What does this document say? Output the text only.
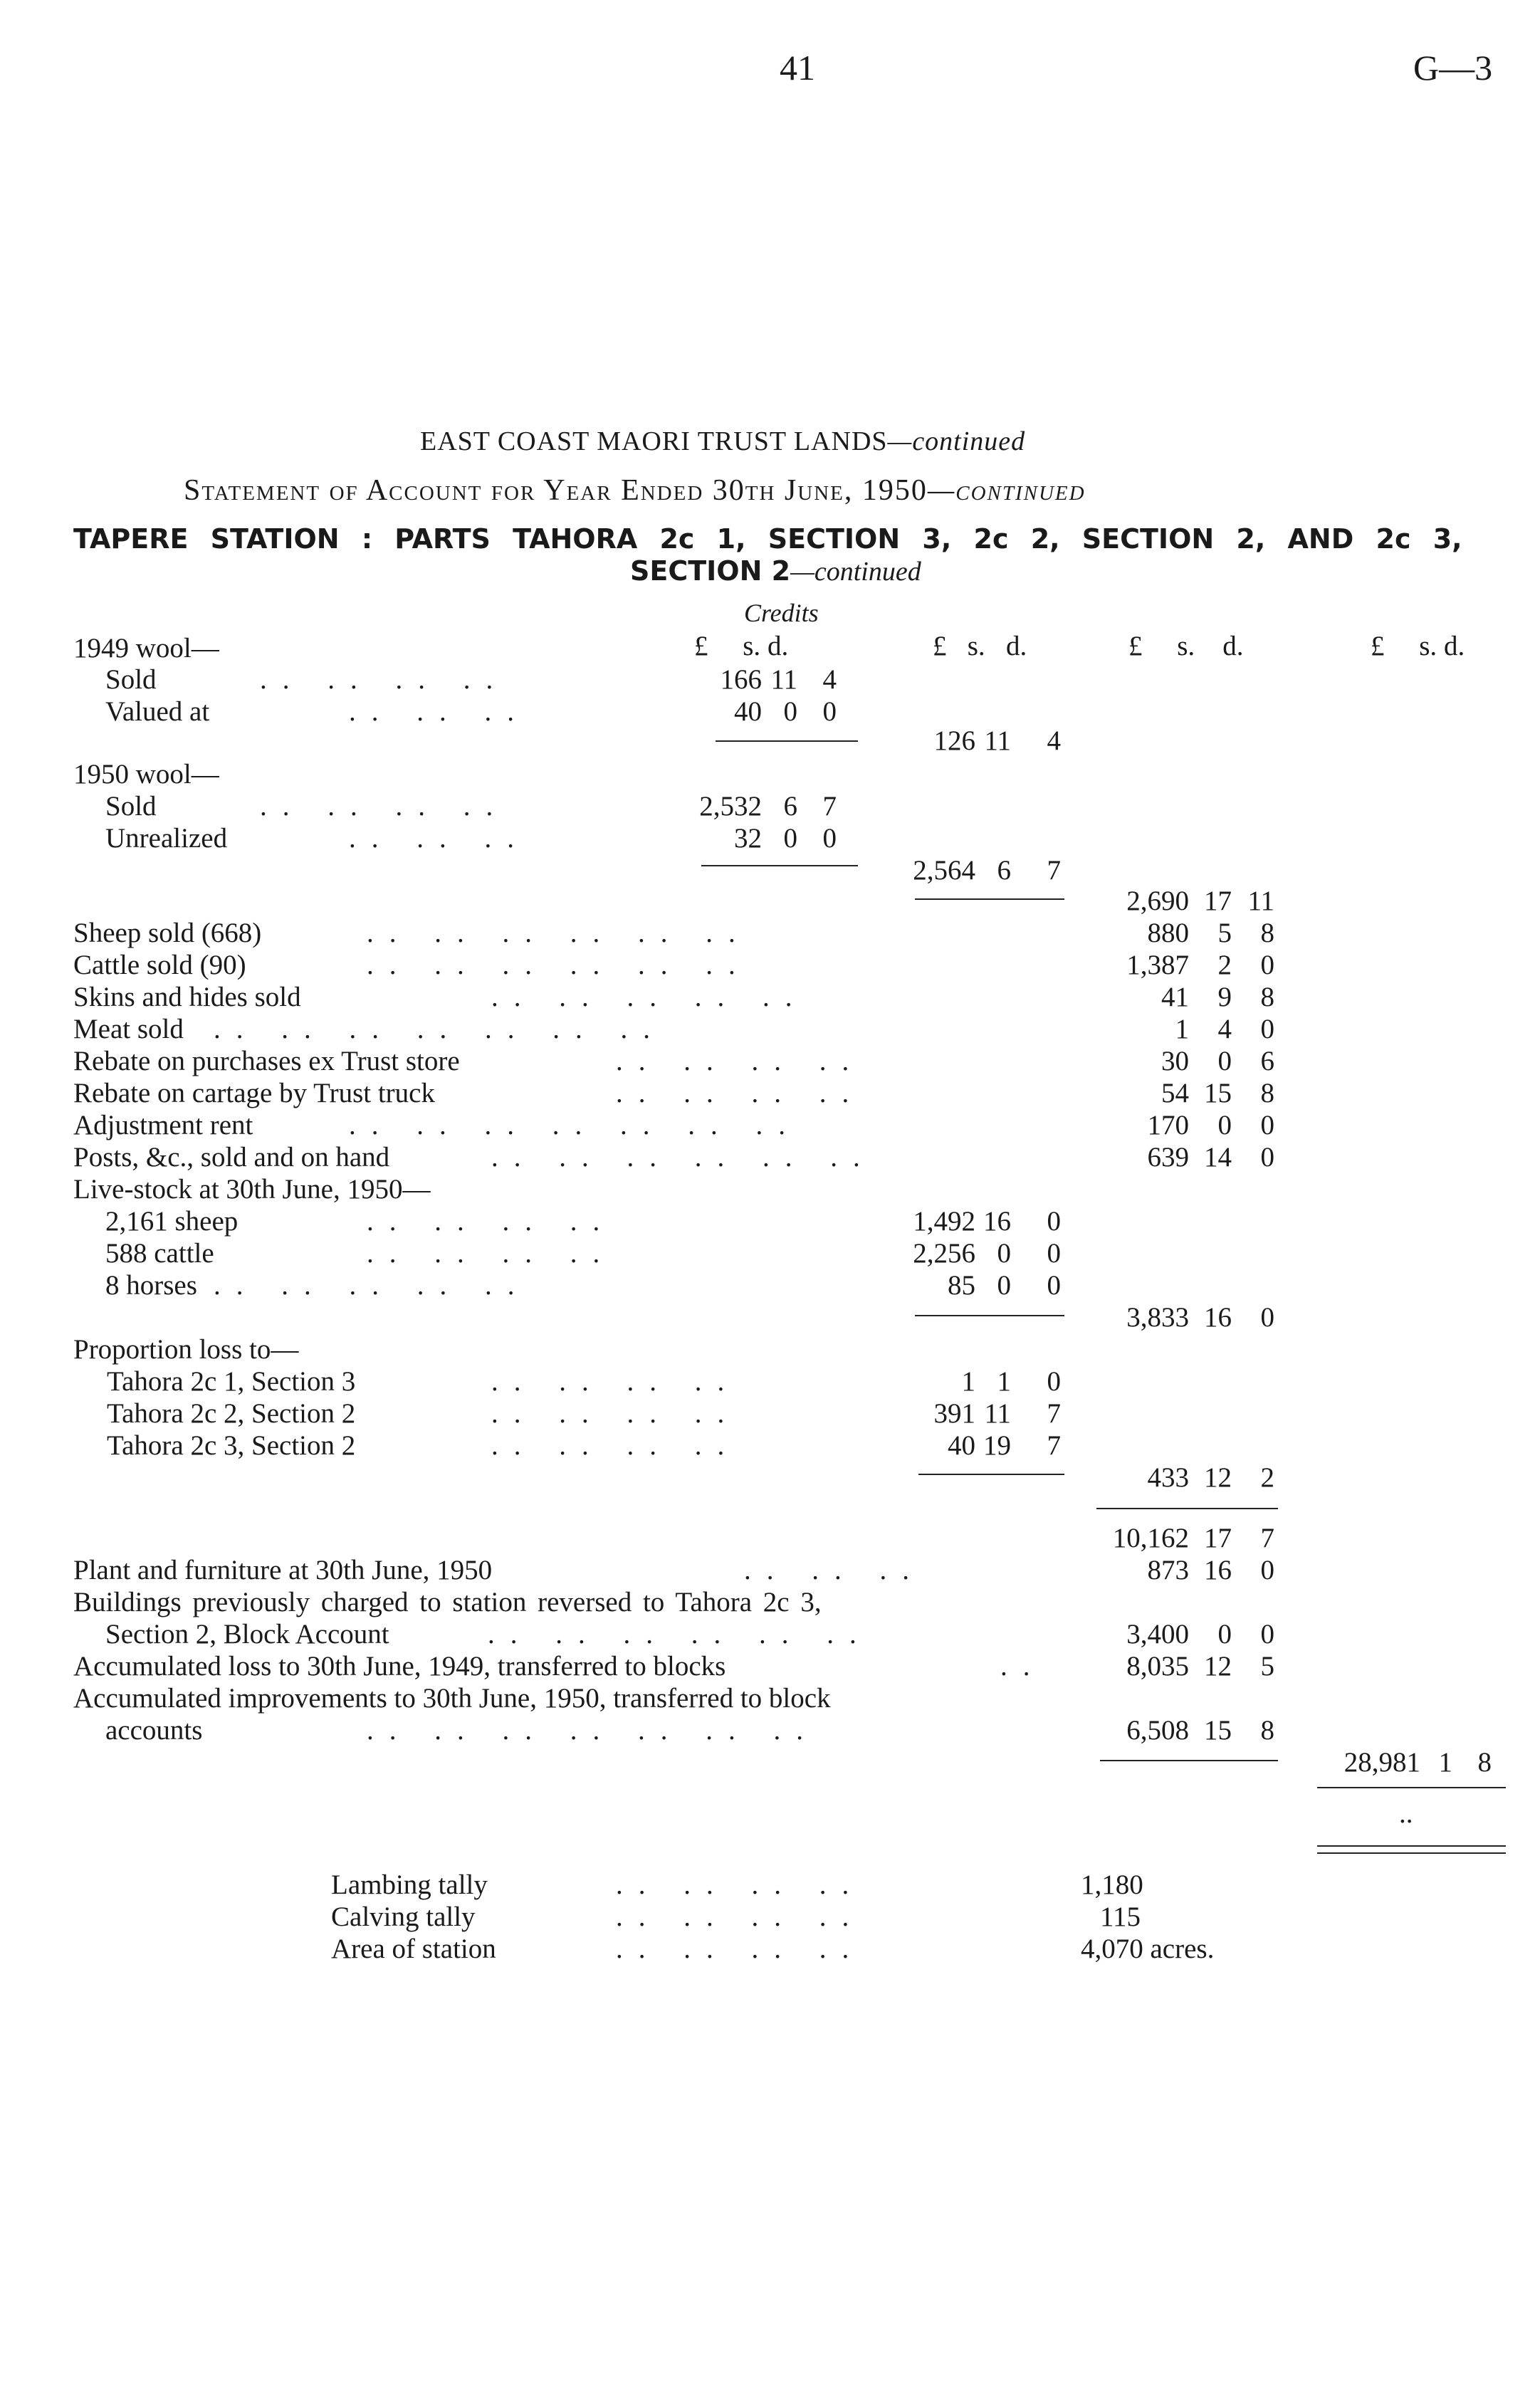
41	G—3
EAST COAST MAORI TRUST LANDS—continued
Statement of Account for Year Ended 30th June, 1950—continued
TAPERE STATION : PARTS TAHORA 2c 1, SECTION 3, 2c 2, SECTION 2, AND 2c 3,
SECTION 2—continued
Credits
£ s. d.	£ s. d.	£ s. d.	£ s. d.
1949 wool—
Sold	.. .. .. ..	166 11 4
Valued at	.. .. ..	40 0 0
126 11	4
1950 wool—
Sold	.. .. .. ..	2,532 6 7
Unrealized	.. .. ..	32 0 0
2,564 6	7
2,690 17 11
Sheep sold (668)	.. .. .. .. .. ..	880	5	8
Cattle sold (90)	.. .. .. .. .. ..	1,387	2	0
Skins and hides sold	.. .. .. .. ..	41	9	8
Meat sold .. .. .. .. .. .. ..	1	4	0
Rebate on purchases ex Trust store	.. .. .. ..	30	0	6
Rebate on cartage by Trust truck	.. .. .. ..	54 15	8
Adjustment rent	.. .. .. .. .. .. ..	170	0	0
Posts, &c., sold and on hand	.. .. .. .. .. ..	639 14	0
Live-stock at 30th June, 1950—
2,161 sheep	.. .. .. ..	1,492 16	0
588 cattle	.. .. .. ..	2,256 0	0
8 horses .. .. .. .. ..	85 0	0
3,833 16	0
Proportion loss to—
Tahora 2c 1, Section 3	.. .. .. ..	1 1	0
Tahora 2c 2, Section 2	.. .. .. ..	391 11	7
Tahora 2c 3, Section 2	.. .. .. ..	40 19	7
433 12	2
10,162 17	7
Plant and furniture at 30th June, 1950	.. .. ..	873 16	0
Buildings previously charged to station reversed to Tahora 2c 3,
Section 2, Block Account	.. .. .. .. .. ..	3,400	0	0
Accumulated loss to 30th June, 1949, transferred to blocks	..	8,035 12	5
Accumulated improvements to 30th June, 1950, transferred to block
accounts	.. .. .. .. .. .. ..	6,508 15	8
28,981 1 8
..
Lambing tally	.. .. .. ..	1,180
Calving tally	.. .. .. ..	115
Area of station	.. .. .. ..	4,070 acres.
